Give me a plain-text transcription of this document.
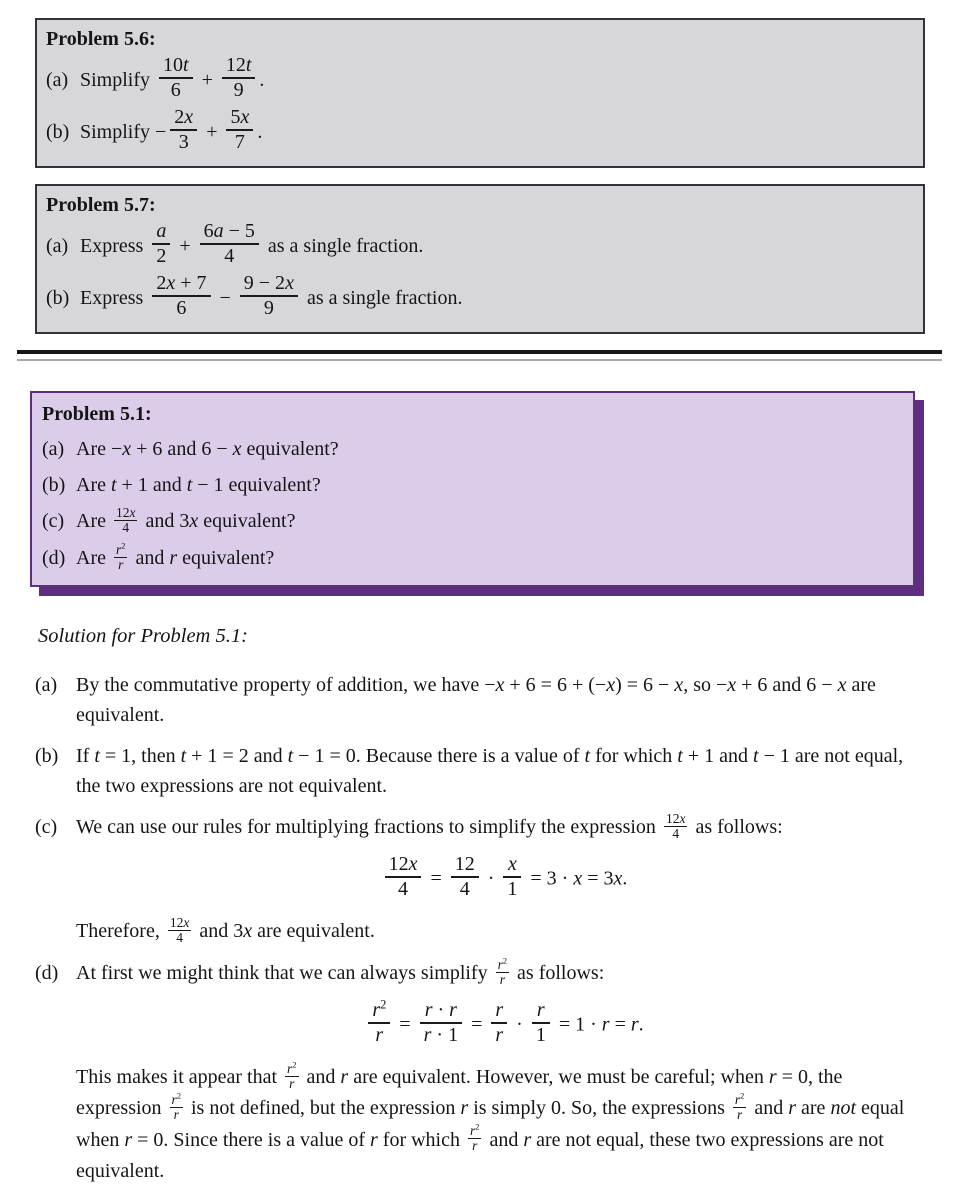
Problem 5.6:
(a) Simplify $\frac{10t}{6} + \frac{12t}{9}$ .
(b) Simplify − $\frac{2x}{3} + \frac{5x}{7}$ .
Problem 5.7:
(a) Express $\frac{a}{2} + \frac{6a - 5}{4}$ as a single fraction.
(b) Express $\frac{2x + 7}{6} - \frac{9 - 2x}{9}$ as a single fraction.
Problem 5.1:
(a) Are −x + 6 and 6 − x equivalent?
(b) Are t + 1 and t − 1 equivalent?
(c) Are $\frac{12x}{4}$ and 3x equivalent?
(d) Are $\frac{r^2}{r}$ and r equivalent?
Solution for Problem 5.1:
(a) By the commutative property of addition, we have −x + 6 = 6 + (−x) = 6 − x, so −x + 6 and 6 − x are equivalent.
(b) If t = 1, then t + 1 = 2 and t − 1 = 0. Because there is a value of t for which t + 1 and t − 1 are not equal, the two expressions are not equivalent.
(c) We can use our rules for multiplying fractions to simplify the expression $\frac{12x}{4}$ as follows:
$\frac{12x}{4} = \frac{12}{4} \cdot \frac{x}{1} = 3 \cdot x = 3x$.
Therefore, $\frac{12x}{4}$ and 3x are equivalent.
(d) At first we might think that we can always simplify $\frac{r^2}{r}$ as follows:
$\frac{r^2}{r} = \frac{r \cdot r}{r \cdot 1} = \frac{r}{r} \cdot \frac{r}{1} = 1 \cdot r = r$.
This makes it appear that $\frac{r^2}{r}$ and r are equivalent. However, we must be careful; when r = 0, the expression $\frac{r^2}{r}$ is not defined, but the expression r is simply 0. So, the expressions $\frac{r^2}{r}$ and r are not equal when r = 0. Since there is a value of r for which $\frac{r^2}{r}$ and r are not equal, these two expressions are not equivalent.
